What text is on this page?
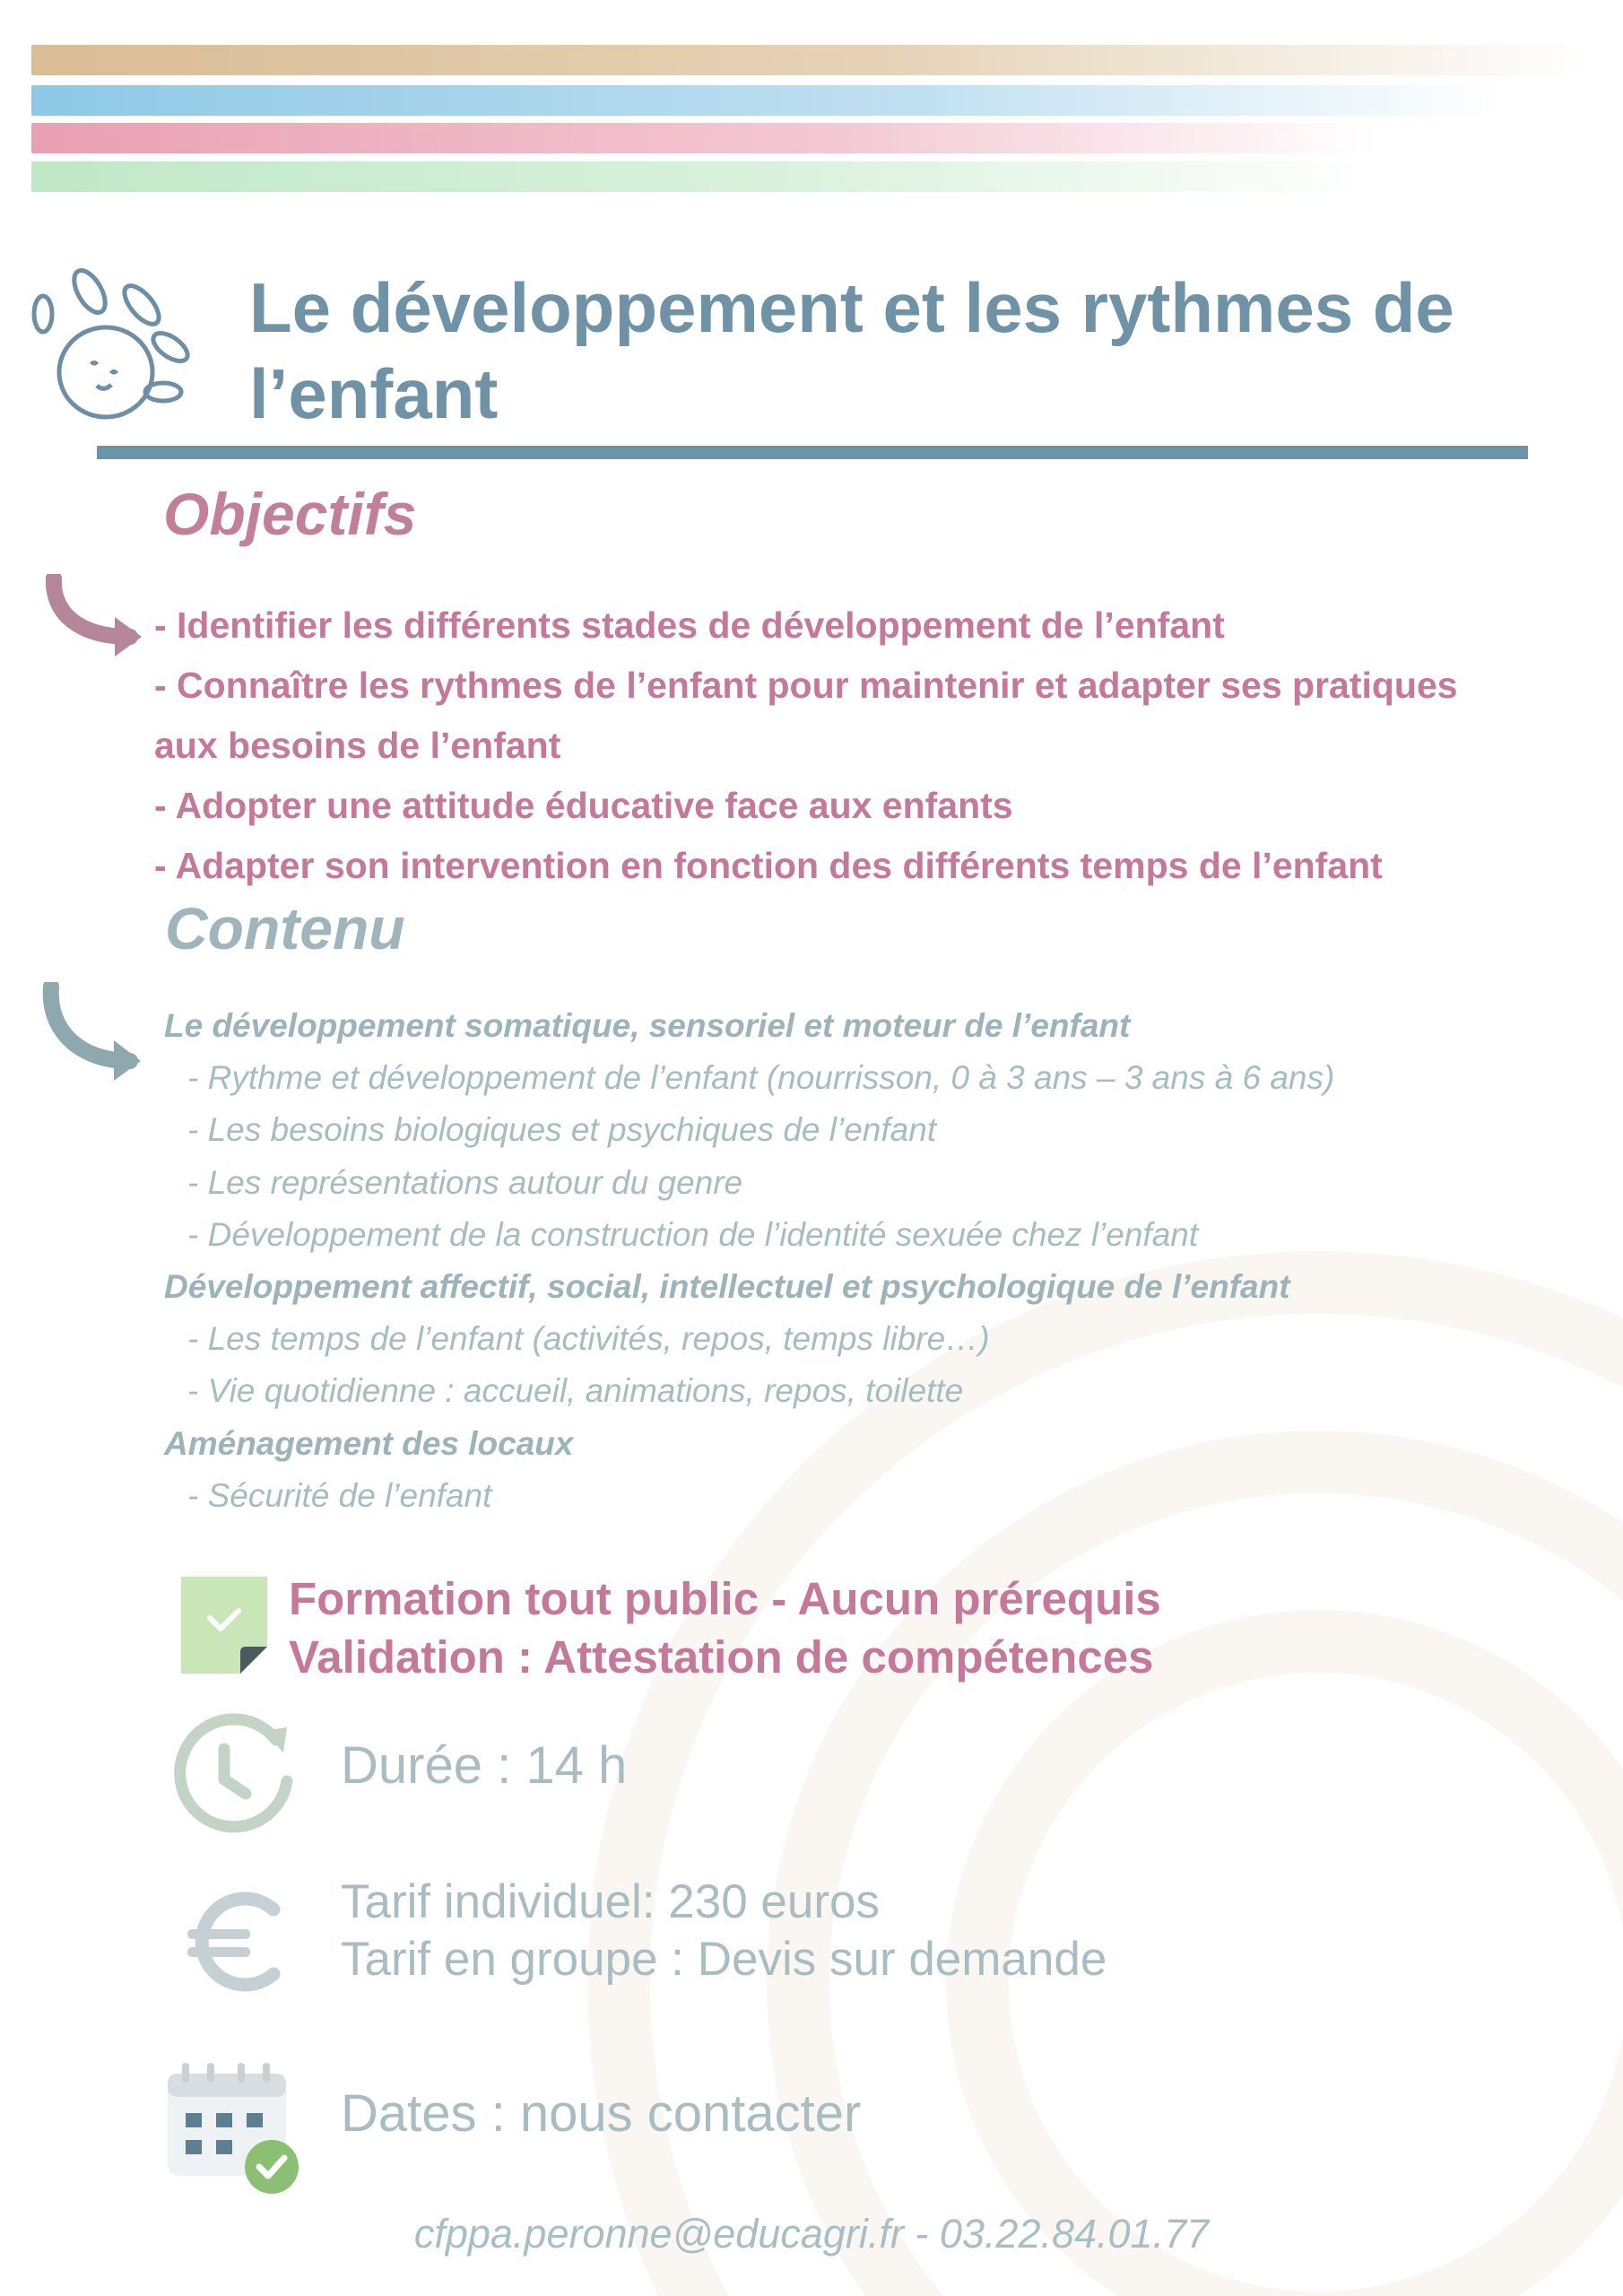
Le développement et les rythmes de l’enfant
Objectifs
- Identifier les différents stades de développement de l’enfant
- Connaître les rythmes de l’enfant pour maintenir et adapter ses pratiques
aux besoins de l’enfant
- Adopter une attitude éducative face aux enfants
- Adapter son intervention en fonction des différents temps de l’enfant
Contenu
Le développement somatique, sensoriel et moteur de l’enfant
- Rythme et développement de l’enfant (nourrisson, 0 à 3 ans – 3 ans à 6 ans)
- Les besoins biologiques et psychiques de l’enfant
- Les représentations autour du genre
- Développement de la construction de l’identité sexuée chez l’enfant
Développement affectif, social, intellectuel et psychologique de l’enfant
- Les temps de l’enfant (activités, repos, temps libre…)
- Vie quotidienne : accueil, animations, repos, toilette
Aménagement des locaux
- Sécurité de l’enfant
Formation tout public - Aucun prérequis
Validation : Attestation de compétences
Durée : 14 h
Tarif individuel: 230 euros
Tarif en groupe : Devis sur demande
Dates : nous contacter
cfppa.peronne@educagri.fr - 03.22.84.01.77
